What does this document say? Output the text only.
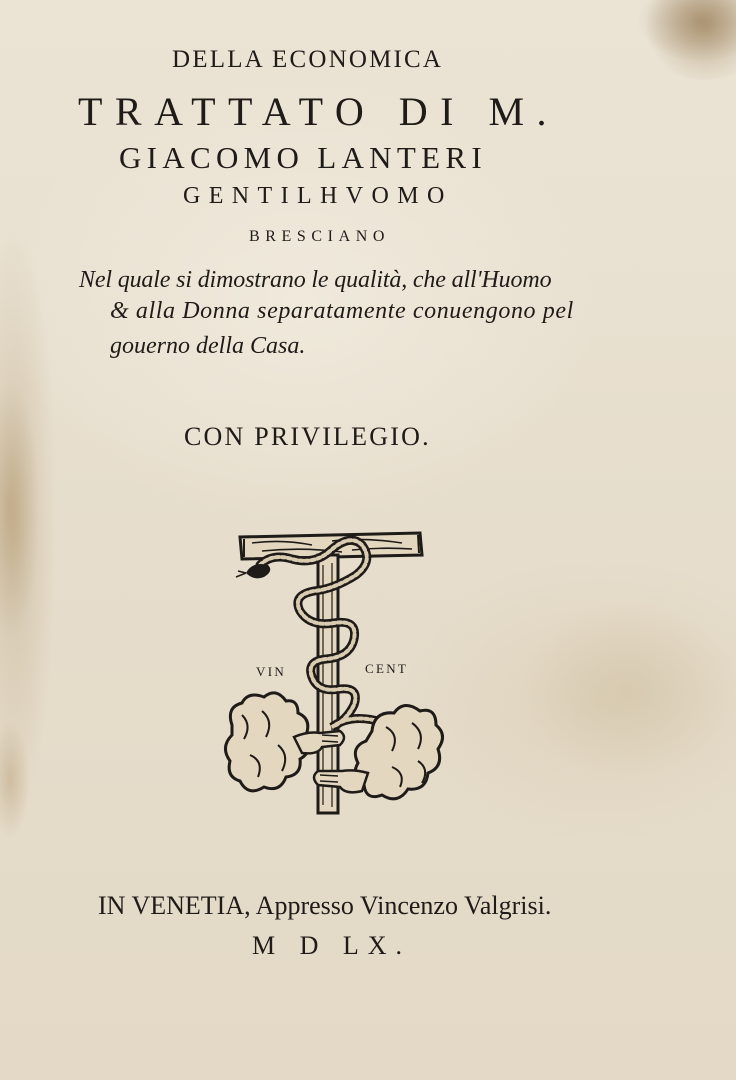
DELLA ECONOMICA
TRATTATO DI M.
GIACOMO LANTERI
GENTILHVOMO
BRESCIANO
Nel quale si dimostrano le qualità, che all'Huomo
& alla Donna separatamente conuengono pel
gouerno della Casa.
CON PRIVILEGIO.
VIN	CENT
IN VENETIA, Appresso Vincenzo Valgrisi.
M D LX.
